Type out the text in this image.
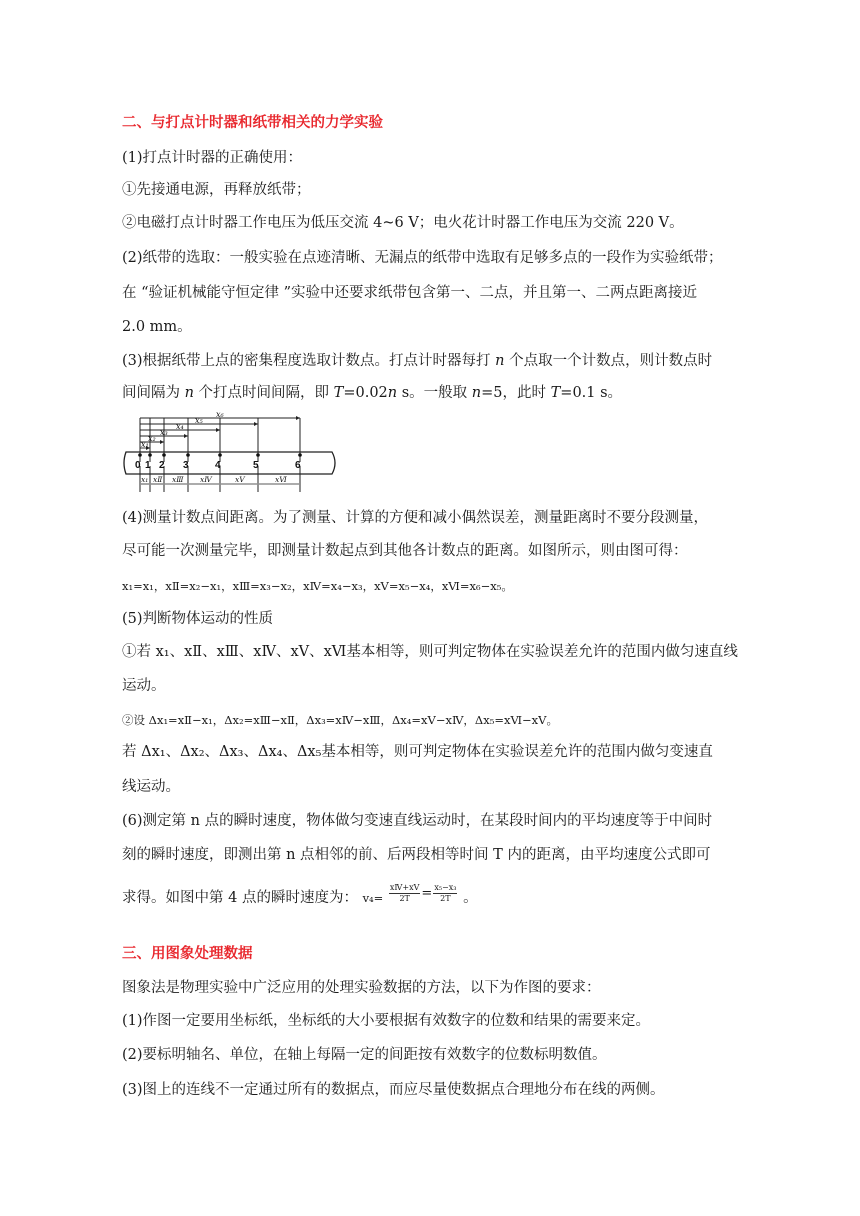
二、与打点计时器和纸带相关的力学实验
(1)打点计时器的正确使用：
①先接通电源，再释放纸带；
②电磁打点计时器工作电压为低压交流 4~6 V；电火花计时器工作电压为交流 220 V。
(2)纸带的选取：一般实验在点迹清晰、无漏点的纸带中选取有足够多点的一段作为实验纸带；
在 “验证机械能守恒定律 ”实验中还要求纸带包含第一、二点，并且第一、二两点距离接近
2.0 mm。
(3)根据纸带上点的密集程度选取计数点。打点计时器每打 n 个点取一个计数点，则计数点时
间间隔为 n 个打点时间间隔，即 T=0.02n s。一般取 n=5，此时 T=0.1 s。
0 1 2 3	4	5	6
x₁
x₂
x₃
x₄
x₅
x₆
x₁ xⅡ xⅢ xⅣ	xⅤ	xⅥ
(4)测量计数点间距离。为了测量、计算的方便和减小偶然误差，测量距离时不要分段测量，
尽可能一次测量完毕，即测量计数起点到其他各计数点的距离。如图所示，则由图可得：
x₁=x₁，xⅡ=x₂−x₁，xⅢ=x₃−x₂，xⅣ=x₄−x₃，xⅤ=x₅−x₄，xⅥ=x₆−x₅。
(5)判断物体运动的性质
①若 x₁、xⅡ、xⅢ、xⅣ、xⅤ、xⅥ基本相等，则可判定物体在实验误差允许的范围内做匀速直线
运动。
②设 Δx₁=xⅡ−x₁，Δx₂=xⅢ−xⅡ，Δx₃=xⅣ−xⅢ，Δx₄=xⅤ−xⅣ，Δx₅=xⅥ−xⅤ。
若 Δx₁、Δx₂、Δx₃、Δx₄、Δx₅基本相等，则可判定物体在实验误差允许的范围内做匀变速直
线运动。
(6)测定第 n 点的瞬时速度，物体做匀变速直线运动时，在某段时间内的平均速度等于中间时
刻的瞬时速度，即测出第 n 点相邻的前、后两段相等时间 T 内的距离，由平均速度公式即可
求得。如图中第 4 点的瞬时速度为： $v_4= \frac{\text{xⅣ+xⅤ}}{2T} = \frac{\text{x₅−x₃}}{2T}$ 。
三、用图象处理数据
图象法是物理实验中广泛应用的处理实验数据的方法，以下为作图的要求：
(1)作图一定要用坐标纸，坐标纸的大小要根据有效数字的位数和结果的需要来定。
(2)要标明轴名、单位，在轴上每隔一定的间距按有效数字的位数标明数值。
(3)图上的连线不一定通过所有的数据点，而应尽量使数据点合理地分布在线的两侧。
